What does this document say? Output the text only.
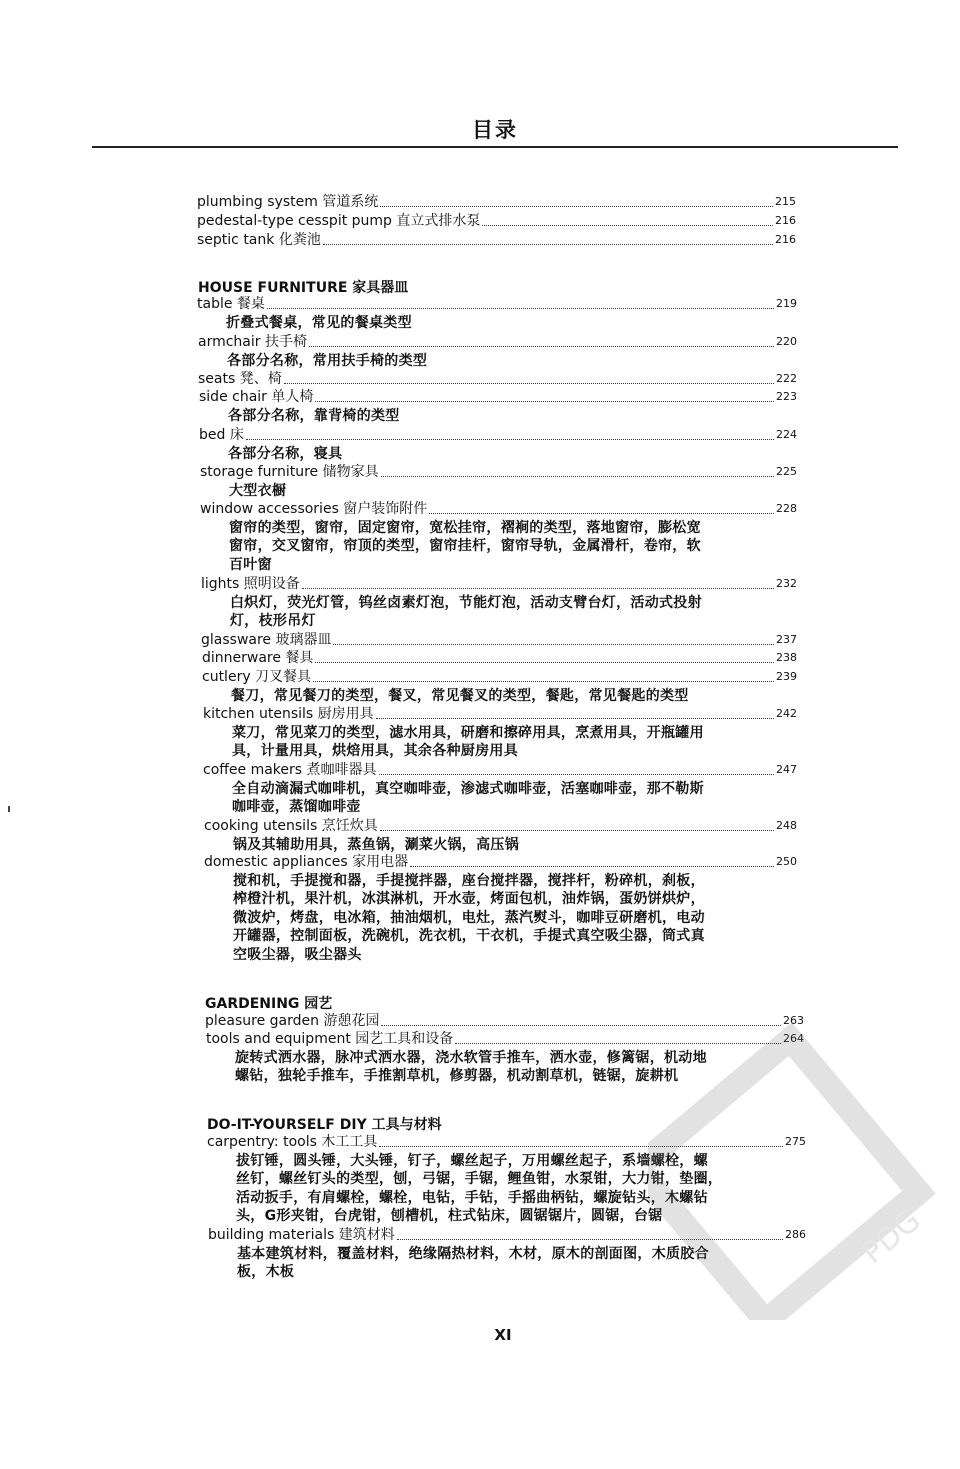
目录
plumbing system 管道系统	215
pedestal-type cesspit pump 直立式排水泵	216
septic tank 化粪池	216
HOUSE FURNITURE 家具器皿
table 餐桌	219
折叠式餐桌，常见的餐桌类型
armchair 扶手椅	220
各部分名称，常用扶手椅的类型
seats 凳、椅	222
side chair 单人椅	223
各部分名称，靠背椅的类型
bed 床	224
各部分名称，寝具
storage furniture 储物家具	225
大型衣橱
window accessories 窗户装饰附件	228
窗帘的类型，窗帘，固定窗帘，宽松挂帘，褶裥的类型，落地窗帘，膨松宽
窗帘，交叉窗帘，帘顶的类型，窗帘挂杆，窗帘导轨，金属滑杆，卷帘，软
百叶窗
lights 照明设备	232
白炽灯，荧光灯管，钨丝卤素灯泡，节能灯泡，活动支臂台灯，活动式投射
灯，枝形吊灯
glassware 玻璃器皿	237
dinnerware 餐具	238
cutlery 刀叉餐具	239
餐刀，常见餐刀的类型，餐叉，常见餐叉的类型，餐匙，常见餐匙的类型
kitchen utensils 厨房用具	242
菜刀，常见菜刀的类型，滤水用具，研磨和擦碎用具，烹煮用具，开瓶罐用
具，计量用具，烘焙用具，其余各种厨房用具
coffee makers 煮咖啡器具	247
全自动滴漏式咖啡机，真空咖啡壶，渗滤式咖啡壶，活塞咖啡壶，那不勒斯
咖啡壶，蒸馏咖啡壶
cooking utensils 烹饪炊具	248
锅及其辅助用具，蒸鱼锅，涮菜火锅，高压锅
domestic appliances 家用电器	250
搅和机，手提搅和器，手提搅拌器，座台搅拌器，搅拌杆，粉碎机，刹板，
榨橙汁机，果汁机，冰淇淋机，开水壶，烤面包机，油炸锅，蛋奶饼烘炉，
微波炉，烤盘，电冰箱，抽油烟机，电灶，蒸汽熨斗，咖啡豆研磨机，电动
开罐器，控制面板，洗碗机，洗衣机，干衣机，手提式真空吸尘器，筒式真
空吸尘器，吸尘器头
GARDENING 园艺
pleasure garden 游憩花园	263
tools and equipment 园艺工具和设备	264
旋转式洒水器，脉冲式洒水器，浇水软管手推车，洒水壶，修篱锯，机动地
螺钻，独轮手推车，手推割草机，修剪器，机动割草机，链锯，旋耕机
DO-IT-YOURSELF DIY 工具与材料
carpentry: tools 木工工具	275
拔钉锤，圆头锤，大头锤，钉子，螺丝起子，万用螺丝起子，系墙螺栓，螺
丝钉，螺丝钉头的类型，刨，弓锯，手锯，鲤鱼钳，水泵钳，大力钳，垫圈，
活动扳手，有肩螺栓，螺栓，电钻，手钻，手摇曲柄钻，螺旋钻头，木螺钻
头，G形夹钳，台虎钳，刨槽机，柱式钻床，圆锯锯片，圆锯，台锯
building materials 建筑材料	286
基本建筑材料，覆盖材料，绝缘隔热材料，木材，原木的剖面图，木质胶合
板，木板
XI
PDG
